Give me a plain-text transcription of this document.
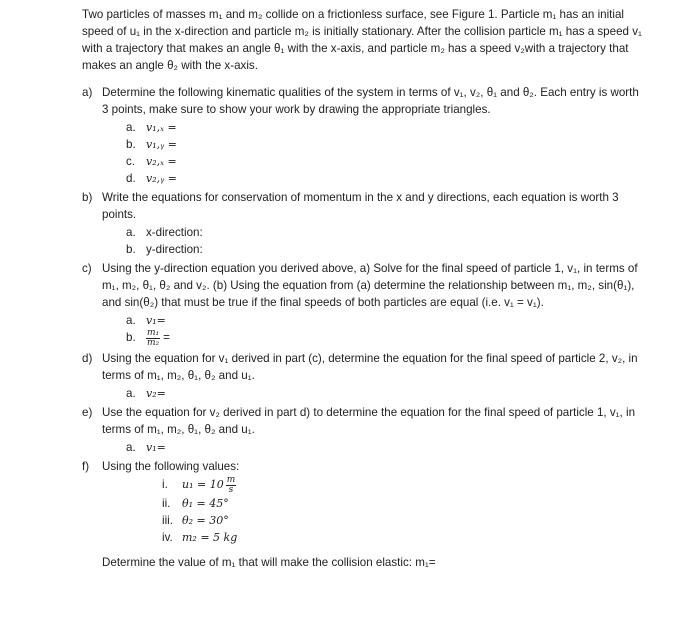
Two particles of masses m₁ and m₂ collide on a frictionless surface, see Figure 1. Particle m₁ has an initial speed of u₁ in the x-direction and particle m₂ is initially stationary. After the collision particle m₁ has a speed v₁ with a trajectory that makes an angle θ₁ with the x-axis, and particle m₂ has a speed v₂with a trajectory that makes an angle θ₂ with the x-axis.

a) Determine the following kinematic qualities of the system in terms of v₁, v₂, θ₁ and θ₂. Each entry is worth 3 points, make sure to show your work by drawing the appropriate triangles.
a. v₁,ₓ =
b. v₁,ᵧ =
c. v₂,ₓ =
d. v₂,ᵧ =
b) Write the equations for conservation of momentum in the x and y directions, each equation is worth 3 points.
a. x-direction:
b. y-direction:
c) Using the y-direction equation you derived above, a) Solve for the final speed of particle 1, v₁, in terms of m₁, m₂, θ₁, θ₂ and v₂. (b) Using the equation from (a) determine the relationship between m₁, m₂, sin(θ₁), and sin(θ₂) that must be true if the final speeds of both particles are equal (i.e. v₁ = v₁).
a. v₁=
b.	$\frac{\text{m₁}}{\text{m₂}}$ =
d) Using the equation for v₁ derived in part (c), determine the equation for the final speed of particle 2, v₂, in terms of m₁, m₂, θ₁, θ₂ and u₁.
a. v₂=
e) Use the equation for v₂ derived in part d) to determine the equation for the final speed of particle 1, v₁, in terms of m₁, m₂, θ₁, θ₂ and u₁.
a. v₁=
f)	Using the following values:
i.	u₁ = 10 m
s
ii.	θ₁ = 45°
iii. θ₂ = 30°
iv. m₂ = 5 kg
Determine the value of m₁ that will make the collision elastic: m₁=
